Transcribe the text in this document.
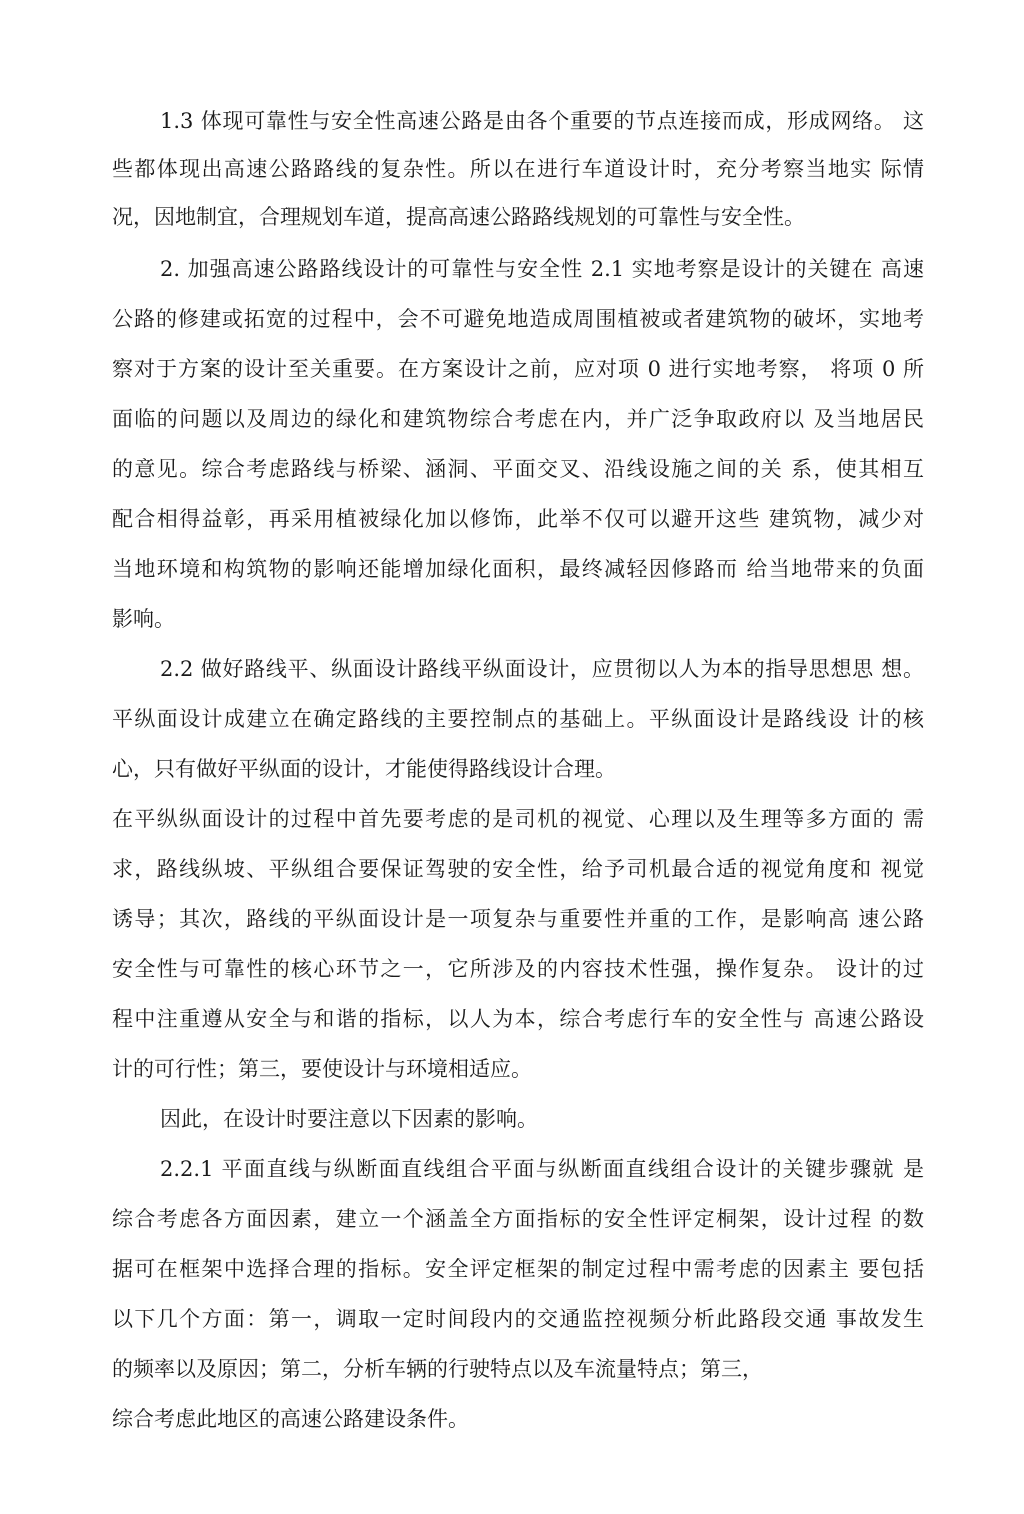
1.3 体现可靠性与安全性高速公路是由各个重要的节点连接而成，形成网络。 这
些都体现出高速公路路线的复杂性。所以在进行车道设计时，充分考察当地实 际情
况，因地制宜，合理规划车道，提高高速公路路线规划的可靠性与安全性。
2. 加强高速公路路线设计的可靠性与安全性 2.1 实地考察是设计的关键在 高速
公路的修建或拓宽的过程中，会不可避免地造成周围植被或者建筑物的破坏，实地考
察对于方案的设计至关重要。在方案设计之前，应对项 0 进行实地考察， 将项 0 所
面临的问题以及周边的绿化和建筑物综合考虑在内，并广泛争取政府以 及当地居民
的意见。综合考虑路线与桥梁、涵洞、平面交叉、沿线设施之间的关 系，使其相互
配合相得益彰，再采用植被绿化加以修饰，此举不仅可以避开这些 建筑物，减少对
当地环境和构筑物的影响还能增加绿化面积，最终减轻因修路而 给当地带来的负面
影响。
2.2 做好路线平、纵面设计路线平纵面设计，应贯彻以人为本的指导思想思 想。
平纵面设计成建立在确定路线的主要控制点的基础上。平纵面设计是路线设 计的核
心，只有做好平纵面的设计，才能使得路线设计合理。
在平纵纵面设计的过程中首先要考虑的是司机的视觉、心理以及生理等多方面的 需
求，路线纵坡、平纵组合要保证驾驶的安全性，给予司机最合适的视觉角度和 视觉
诱导；其次，路线的平纵面设计是一项复杂与重要性并重的工作，是影响高 速公路
安全性与可靠性的核心环节之一，它所涉及的内容技术性强，操作复杂。 设计的过
程中注重遵从安全与和谐的指标，以人为本，综合考虑行车的安全性与 高速公路设
计的可行性；第三，要使设计与环境相适应。
因此，在设计时要注意以下因素的影响。
2.2.1 平面直线与纵断面直线组合平面与纵断面直线组合设计的关键步骤就 是
综合考虑各方面因素，建立一个涵盖全方面指标的安全性评定桐架，设计过程 的数
据可在框架中选择合理的指标。安全评定框架的制定过程中需考虑的因素主 要包括
以下几个方面：第一，调取一定时间段内的交通监控视频分析此路段交通 事故发生
的频率以及原因；第二，分析车辆的行驶特点以及车流量特点；第三，
综合考虑此地区的高速公路建设条件。
